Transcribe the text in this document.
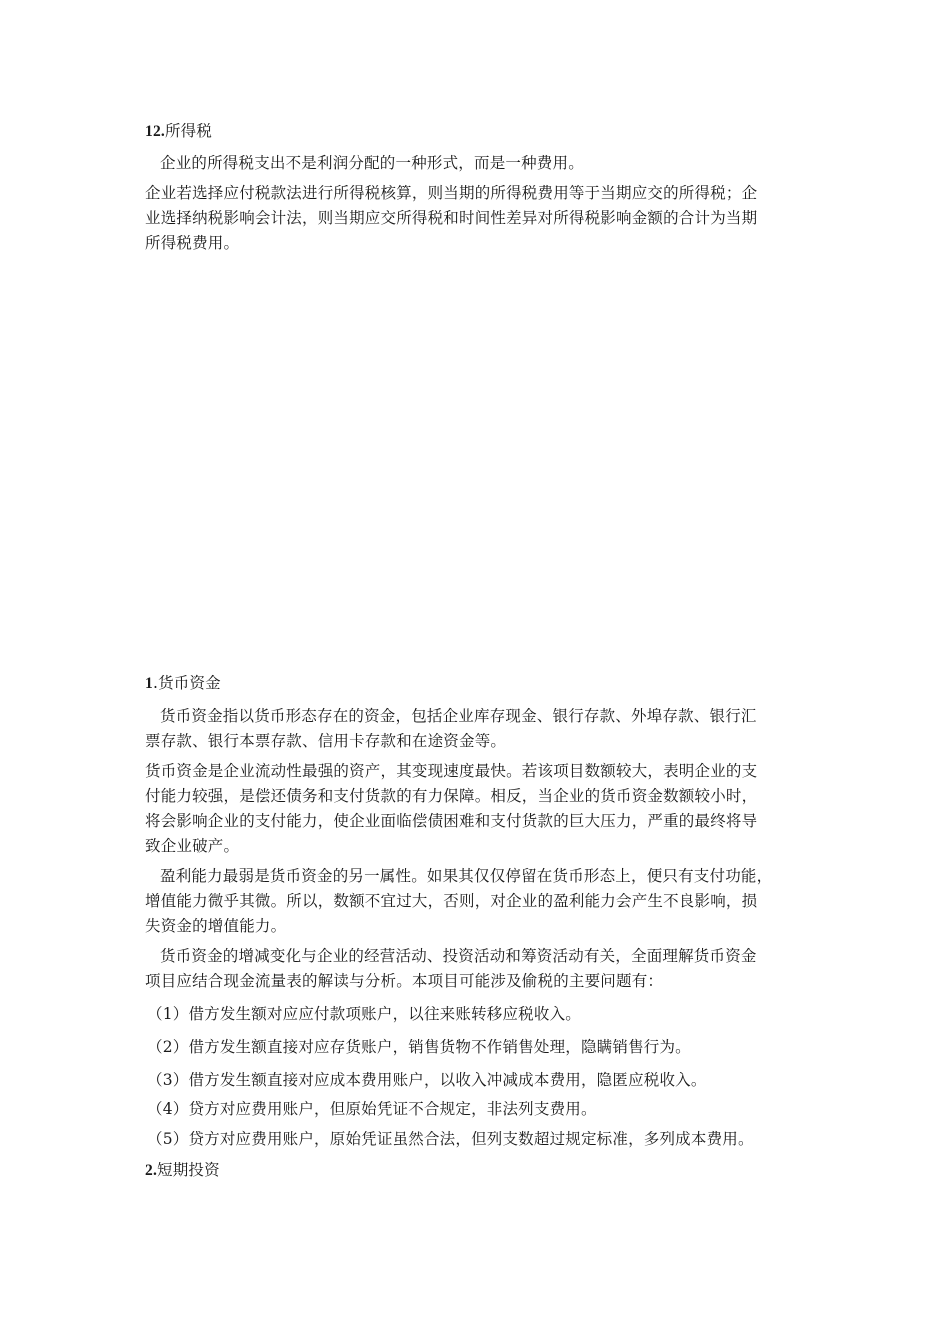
12.所得税
企业的所得税支出不是利润分配的一种形式，而是一种费用。
企业若选择应付税款法进行所得税核算，则当期的所得税费用等于当期应交的所得税；企
业选择纳税影响会计法，则当期应交所得税和时间性差异对所得税影响金额的合计为当期
所得税费用。
1.货币资金
货币资金指以货币形态存在的资金，包括企业库存现金、银行存款、外埠存款、银行汇
票存款、银行本票存款、信用卡存款和在途资金等。
货币资金是企业流动性最强的资产，其变现速度最快。若该项目数额较大，表明企业的支
付能力较强，是偿还债务和支付货款的有力保障。相反，当企业的货币资金数额较小时，
将会影响企业的支付能力，使企业面临偿债困难和支付货款的巨大压力，严重的最终将导
致企业破产。
盈利能力最弱是货币资金的另一属性。如果其仅仅停留在货币形态上，便只有支付功能，
增值能力微乎其微。所以，数额不宜过大，否则，对企业的盈利能力会产生不良影响，损
失资金的增值能力。
货币资金的增减变化与企业的经营活动、投资活动和筹资活动有关，全面理解货币资金
项目应结合现金流量表的解读与分析。本项目可能涉及偷税的主要问题有：
（1）借方发生额对应应付款项账户，以往来账转移应税收入。
（2）借方发生额直接对应存货账户，销售货物不作销售处理，隐瞒销售行为。
（3）借方发生额直接对应成本费用账户，以收入冲减成本费用，隐匿应税收入。
（4）贷方对应费用账户，但原始凭证不合规定，非法列支费用。
（5）贷方对应费用账户，原始凭证虽然合法，但列支数超过规定标准，多列成本费用。
2.短期投资
